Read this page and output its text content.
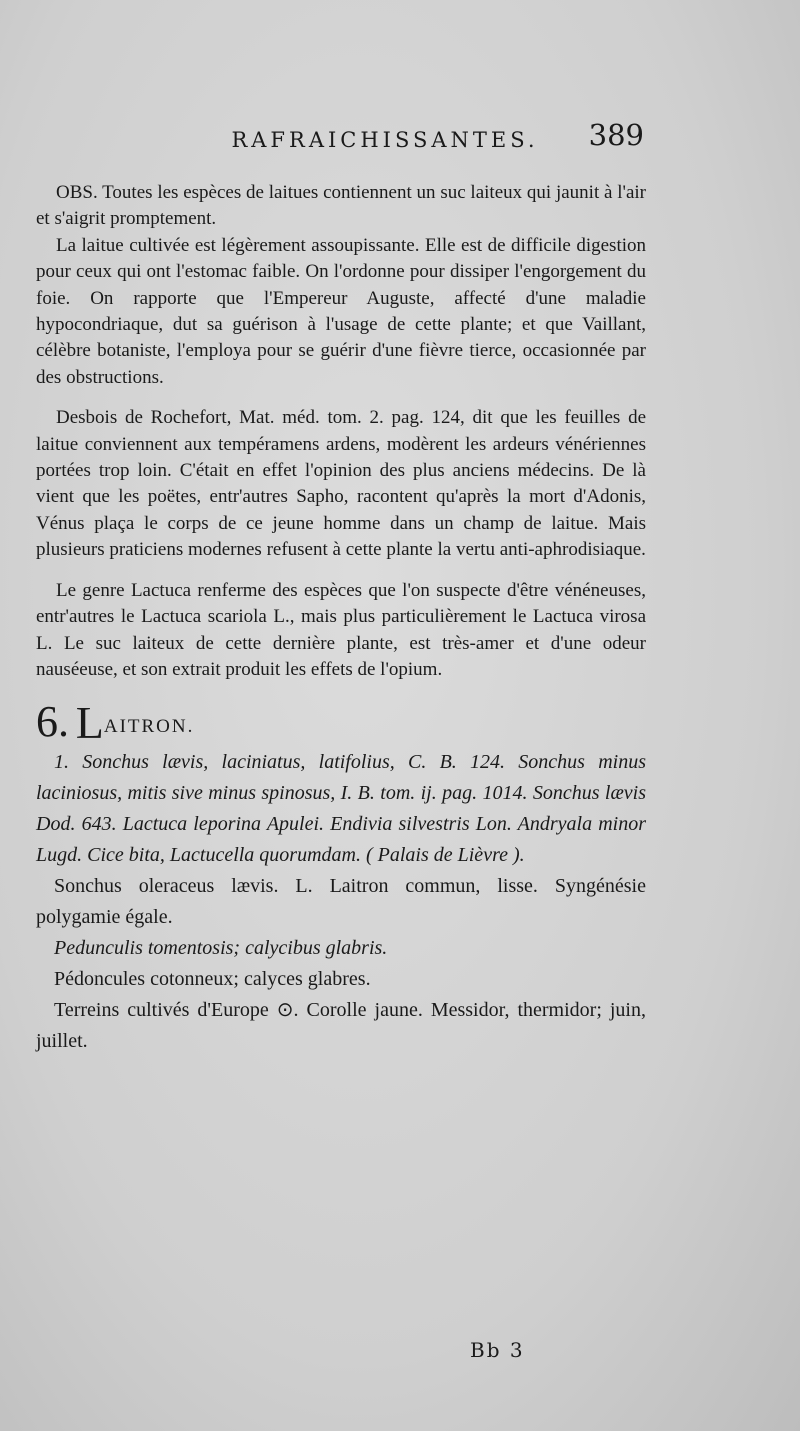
RAFRAICHISSANTES.	389

OBS. Toutes les espèces de laitues contiennent un suc laiteux qui jaunit à l'air et s'aigrit promptement.

La laitue cultivée est légèrement assoupissante. Elle est de difficile digestion pour ceux qui ont l'estomac faible. On l'ordonne pour dissiper l'engorgement du foie. On rapporte que l'Empereur Auguste, affecté d'une maladie hypocondriaque, dut sa guérison à l'usage de cette plante; et que Vaillant, célèbre botaniste, l'employa pour se guérir d'une fièvre tierce, occasionnée par des obstructions.

Desbois de Rochefort, Mat. méd. tom. 2. pag. 124, dit que les feuilles de laitue conviennent aux tempéramens ardens, modèrent les ardeurs vénériennes portées trop loin. C'était en effet l'opinion des plus anciens médecins. De là vient que les poëtes, entr'autres Sapho, racontent qu'après la mort d'Adonis, Vénus plaça le corps de ce jeune homme dans un champ de laitue. Mais plusieurs praticiens modernes refusent à cette plante la vertu anti-aphrodisiaque.

Le genre Lactuca renferme des espèces que l'on suspecte d'être vénéneuses, entr'autres le Lactuca scariola L., mais plus particulièrement le Lactuca virosa L. Le suc laiteux de cette dernière plante, est très-amer et d'une odeur nauséeuse, et son extrait produit les effets de l'opium.

6. LAITRON.

1. Sonchus lævis, laciniatus, latifolius, C. B. 124. Sonchus minus laciniosus, mitis sive minus spinosus, I. B. tom. ij. pag. 1014. Sonchus lævis Dod. 643. Lactuca leporina Apulei. Endivia silvestris Lon. Andryala minor Lugd. Cice bita, Lactucella quorumdam. ( Palais de Lièvre ).

Sonchus oleraceus lævis. L. Laitron commun, lisse. Syngénésie polygamie égale.

Pedunculis tomentosis; calycibus glabris.

Pédoncules cotonneux; calyces glabres.

Terreins cultivés d'Europe ⊙. Corolle jaune. Messidor, thermidor; juin, juillet.

Bb 3
